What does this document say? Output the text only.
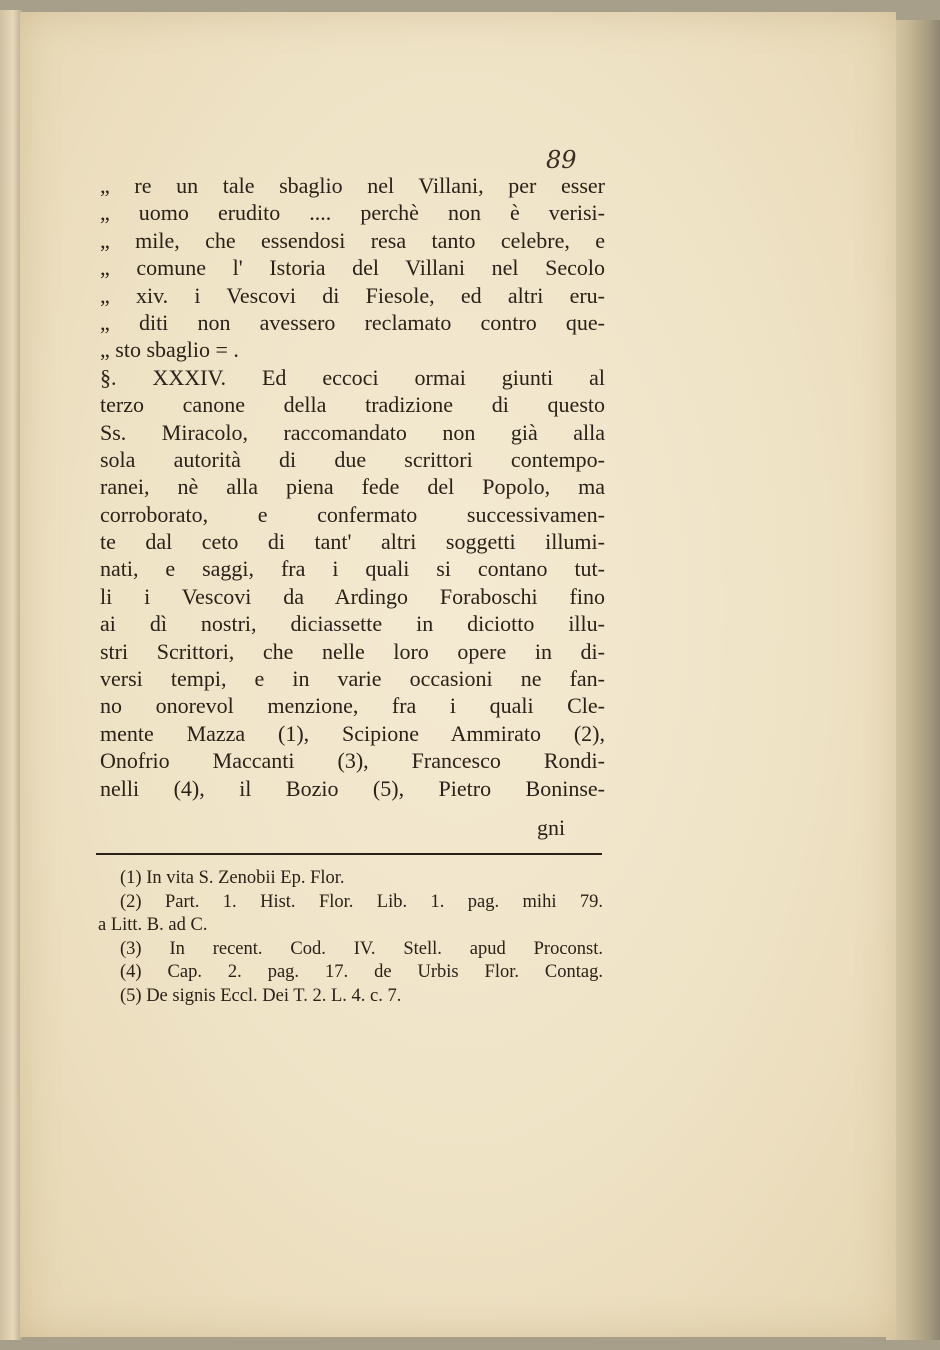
89
„ re un tale sbaglio nel Villani, per esser
„ uomo erudito .... perchè non è verisi-
„ mile, che essendosi resa tanto celebre, e
„ comune l' Istoria del Villani nel Secolo
„ xiv. i Vescovi di Fiesole, ed altri eru-
„ diti non avessero reclamato contro que-
„ sto sbaglio = .
§. XXXIV. Ed eccoci ormai giunti al
terzo canone della tradizione di questo
Ss. Miracolo, raccomandato non già alla
sola autorità di due scrittori contempo-
ranei, nè alla piena fede del Popolo, ma
corroborato, e confermato successivamen-
te dal ceto di tant' altri soggetti illumi-
nati, e saggi, fra i quali si contano tut-
li i Vescovi da Ardingo Foraboschi fino
ai dì nostri, diciassette in diciotto illu-
stri Scrittori, che nelle loro opere in di-
versi tempi, e in varie occasioni ne fan-
no onorevol menzione, fra i quali Cle-
mente Mazza (1), Scipione Ammirato (2),
Onofrio Maccanti (3), Francesco Rondi-
nelli (4), il Bozio (5), Pietro Boninse-
gni
(1) In vita S. Zenobii Ep. Flor.
(2) Part. 1. Hist. Flor. Lib. 1. pag. mihi 79.
a Litt. B. ad C.
(3) In recent. Cod. IV. Stell. apud Proconst.
(4) Cap. 2. pag. 17. de Urbis Flor. Contag.
(5) De signis Eccl. Dei T. 2. L. 4. c. 7.
